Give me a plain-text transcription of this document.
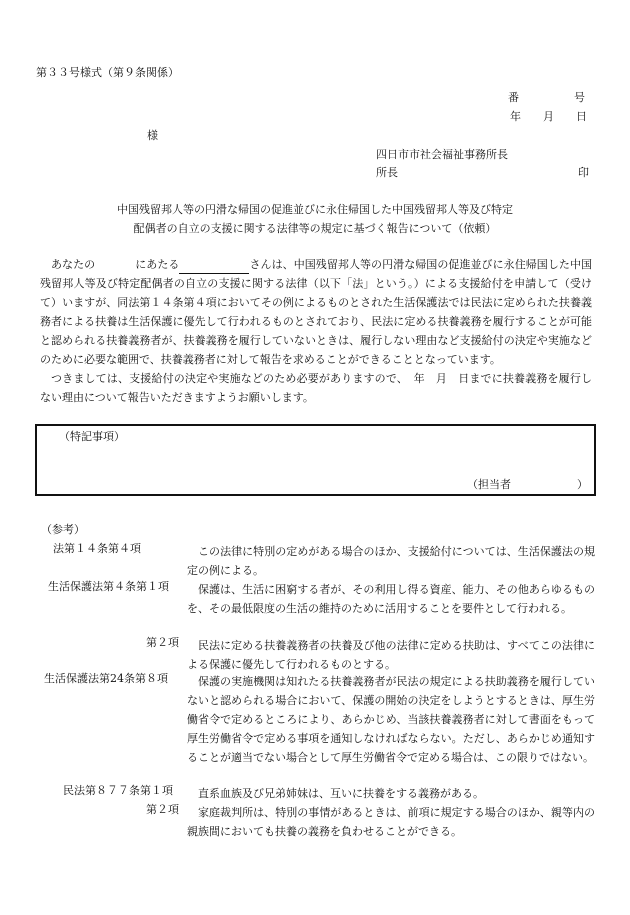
第３３号様式（第９条関係）
番　　　　　号
年　　月　　日
様
四日市市社会福祉事務所長
所長	印
中国残留邦人等の円滑な帰国の促進並びに永住帰国した中国残留邦人等及び特定
配偶者の自立の支援に関する法律等の規定に基づく報告について（依頼）

あなたの	にあたる	さんは、中国残留邦人等の円滑な帰国の促進並びに永住帰国した中国残留邦人等及び特定配偶者の自立の支援に関する法律（以下「法」という。）による支援給付を申請して（受けて）いますが、同法第１４条第４項においてその例によるものとされた生活保護法では民法に定められた扶養義務者による扶養は生活保護に優先して行われるものとされており、民法に定める扶養義務を履行することが可能と認められる扶養義務者が、扶養義務を履行していないときは、履行しない理由など支援給付の決定や実施などのために必要な範囲で、扶養義務者に対して報告を求めることができることとなっています。

つきましては、支援給付の決定や実施などのため必要がありますので、　年　月　日までに扶養義務を履行しない理由について報告いただきますようお願いします。

（特記事項）
（担当者　　　　　　）
（参考）
法第１４条第４項	この法律に特別の定めがある場合のほか、支援給付については、生活保護法の規定の例による。
生活保護法第４条第１項	保護は、生活に困窮する者が、その利用し得る資産、能力、その他あらゆるものを、その最低限度の生活の維持のために活用することを要件として行われる。
第２項	民法に定める扶養義務者の扶養及び他の法律に定める扶助は、すべてこの法律による保護に優先して行われるものとする。
生活保護法第24条第８項	保護の実施機関は知れたる扶養義務者が民法の規定による扶助義務を履行していないと認められる場合において、保護の開始の決定をしようとするときは、厚生労働省令で定めるところにより、あらかじめ、当該扶養義務者に対して書面をもって厚生労働省令で定める事項を通知しなければならない。ただし、あらかじめ通知することが適当でない場合として厚生労働省令で定める場合は、この限りではない。
民法第８７７条第１項	直系血族及び兄弟姉妹は、互いに扶養をする義務がある。
第２項	家庭裁判所は、特別の事情があるときは、前項に規定する場合のほか、親等内の親族間においても扶養の義務を負わせることができる。
